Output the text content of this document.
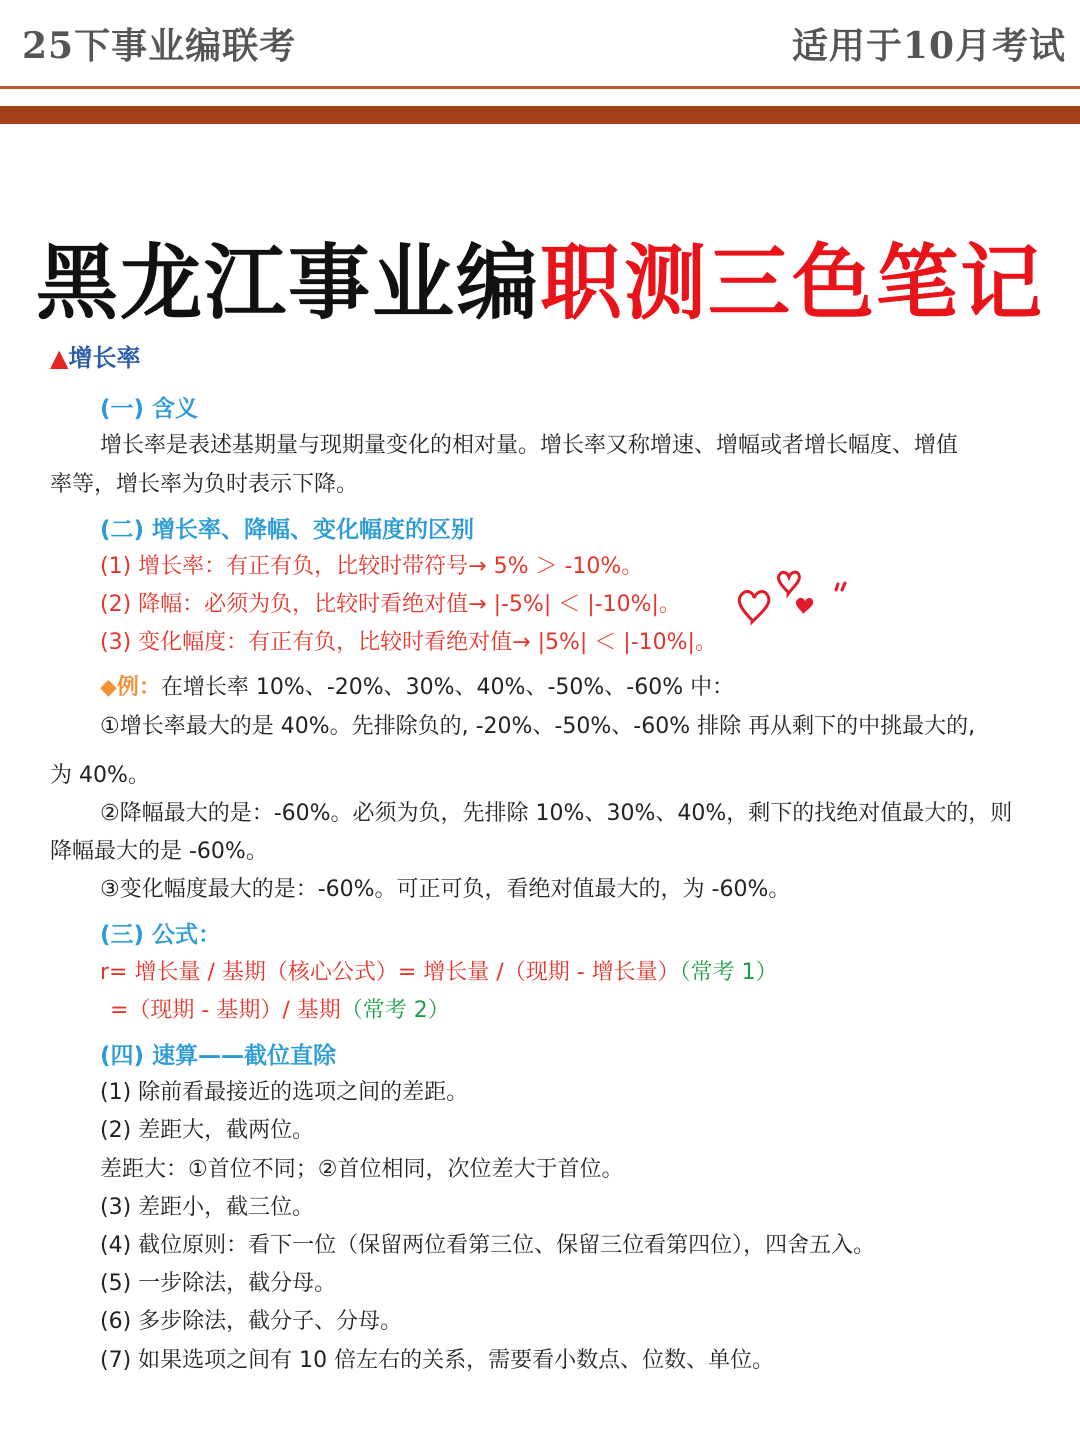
25下事业编联考	适用于10月考试
黑龙江事业编职测三色笔记
▲增长率
(一) 含义
增长率是表述基期量与现期量变化的相对量。增长率又称增速、增幅或者增长幅度、增值
率等，增长率为负时表示下降。
(二) 增长率、降幅、变化幅度的区别
(1) 增长率：有正有负，比较时带符号→ 5% ＞ -10%。
(2) 降幅：必须为负，比较时看绝对值→ |-5%| ＜ |-10%|。
(3) 变化幅度：有正有负，比较时看绝对值→ |5%| ＜ |-10%|。
◆例：在增长率 10%、-20%、30%、40%、-50%、-60% 中：
①增长率最大的是 40%。先排除负的, -20%、-50%、-60% 排除 再从剩下的中挑最大的,
为 40%。
②降幅最大的是：-60%。必须为负，先排除 10%、30%、40%，剩下的找绝对值最大的，则
降幅最大的是 -60%。
③变化幅度最大的是：-60%。可正可负，看绝对值最大的，为 -60%。
(三) 公式：
r= 增长量 / 基期（核心公式）= 增长量 /（现期 - 增长量）（常考 1）
=（现期 - 基期）/ 基期（常考 2）
(四) 速算——截位直除
(1) 除前看最接近的选项之间的差距。
(2) 差距大，截两位。
差距大：①首位不同；②首位相同，次位差大于首位。
(3) 差距小，截三位。
(4) 截位原则：看下一位（保留两位看第三位、保留三位看第四位），四舍五入。
(5) 一步除法，截分母。
(6) 多步除法，截分子、分母。
(7) 如果选项之间有 10 倍左右的关系，需要看小数点、位数、单位。
